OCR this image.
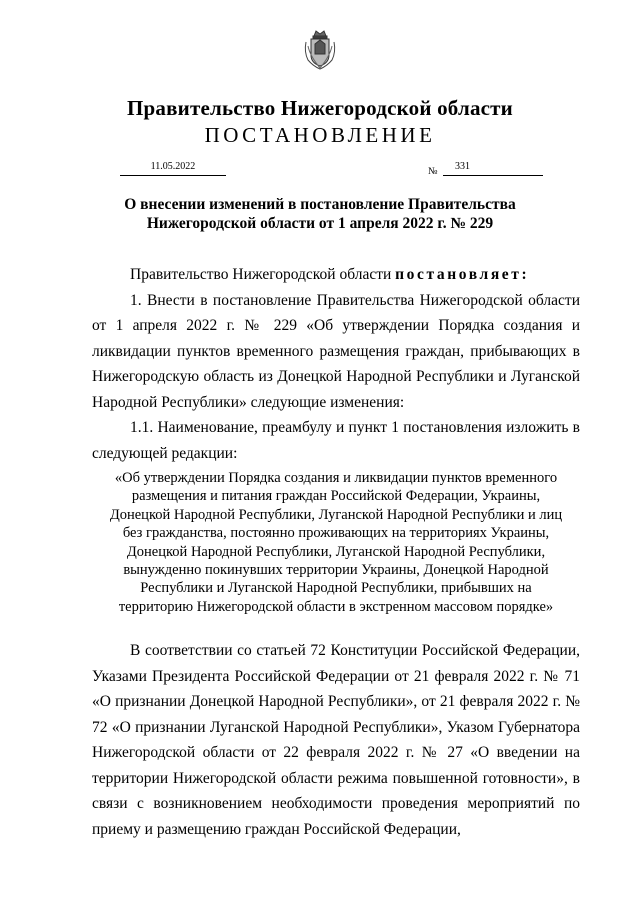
Правительство Нижегородской области
ПОСТАНОВЛЕНИЕ
11.05.2022	№	331
О внесении изменений в постановление Правительства
Нижегородской области от 1 апреля 2022 г. № 229

Правительство Нижегородской области постановляет:

1. Внести в постановление Правительства Нижегородской области от 1 апреля 2022 г. № 229 «Об утверждении Порядка создания и ликвидации пунктов временного размещения граждан, прибывающих в Нижегородскую область из Донецкой Народной Республики и Луганской Народной Республики» следующие изменения:

1.1. Наименование, преамбулу и пункт 1 постановления изложить в следующей редакции:

«Об утверждении Порядка создания и ликвидации пунктов временного
размещения и питания граждан Российской Федерации, Украины,
Донецкой Народной Республики, Луганской Народной Республики и лиц
без гражданства, постоянно проживающих на территориях Украины,
Донецкой Народной Республики, Луганской Народной Республики,
вынужденно покинувших территории Украины, Донецкой Народной
Республики и Луганской Народной Республики, прибывших на
территорию Нижегородской области в экстренном массовом порядке»

В соответствии со статьей 72 Конституции Российской Федерации, Указами Президента Российской Федерации от 21 февраля 2022 г. № 71 «О признании Донецкой Народной Республики», от 21 февраля 2022 г. № 72 «О признании Луганской Народной Республики», Указом Губернатора Нижегородской области от 22 февраля 2022 г. № 27 «О введении на территории Нижегородской области режима повышенной готовности», в связи с возникновением необходимости проведения мероприятий по приему и размещению граждан Российской Федерации,
